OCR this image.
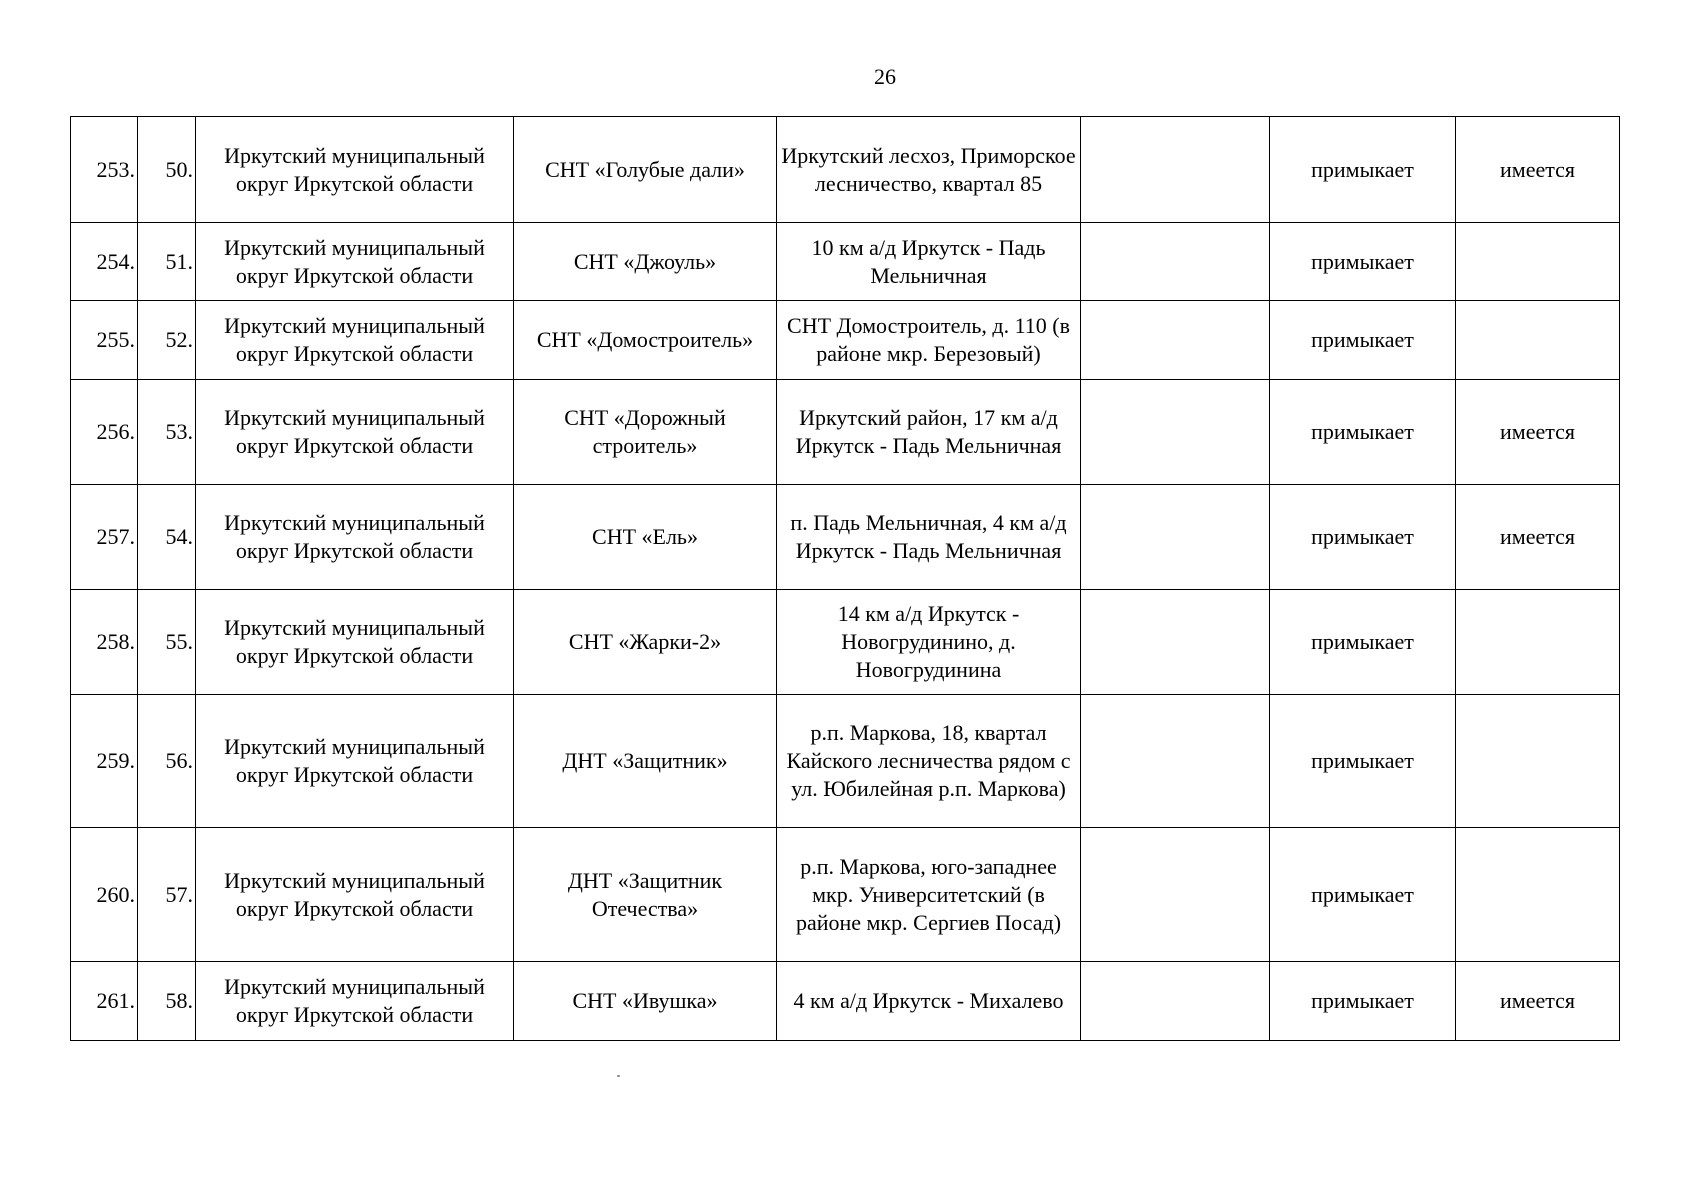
26
253.	50.	Иркутский муниципальный округ Иркутской области	СНТ «Голубые дали»	Иркутский лесхоз, Приморское лесничество, квартал 85		примыкает	имеется
254.	51.	Иркутский муниципальный округ Иркутской области	СНТ «Джоуль»	10 км а/д Иркутск - Падь Мельничная		примыкает	
255.	52.	Иркутский муниципальный округ Иркутской области	СНТ «Домостроитель»	СНТ Домостроитель, д. 110 (в районе мкр. Березовый)		примыкает	
256.	53.	Иркутский муниципальный округ Иркутской области	СНТ «Дорожный строитель»	Иркутский район, 17 км а/д Иркутск - Падь Мельничная		примыкает	имеется
257.	54.	Иркутский муниципальный округ Иркутской области	СНТ «Ель»	п. Падь Мельничная, 4 км а/д Иркутск - Падь Мельничная		примыкает	имеется
258.	55.	Иркутский муниципальный округ Иркутской области	СНТ «Жарки-2»	14 км а/д Иркутск - Новогрудинино, д. Новогрудинина		примыкает	
259.	56.	Иркутский муниципальный округ Иркутской области	ДНТ «Защитник»	р.п. Маркова, 18, квартал Кайского лесничества рядом с ул. Юбилейная р.п. Маркова)		примыкает	
260.	57.	Иркутский муниципальный округ Иркутской области	ДНТ «Защитник Отечества»	р.п. Маркова, юго-западнее мкр. Университетский (в районе мкр. Сергиев Посад)		примыкает	
261.	58.	Иркутский муниципальный округ Иркутской области	СНТ «Ивушка»	4 км а/д Иркутск - Михалево		примыкает	имеется
